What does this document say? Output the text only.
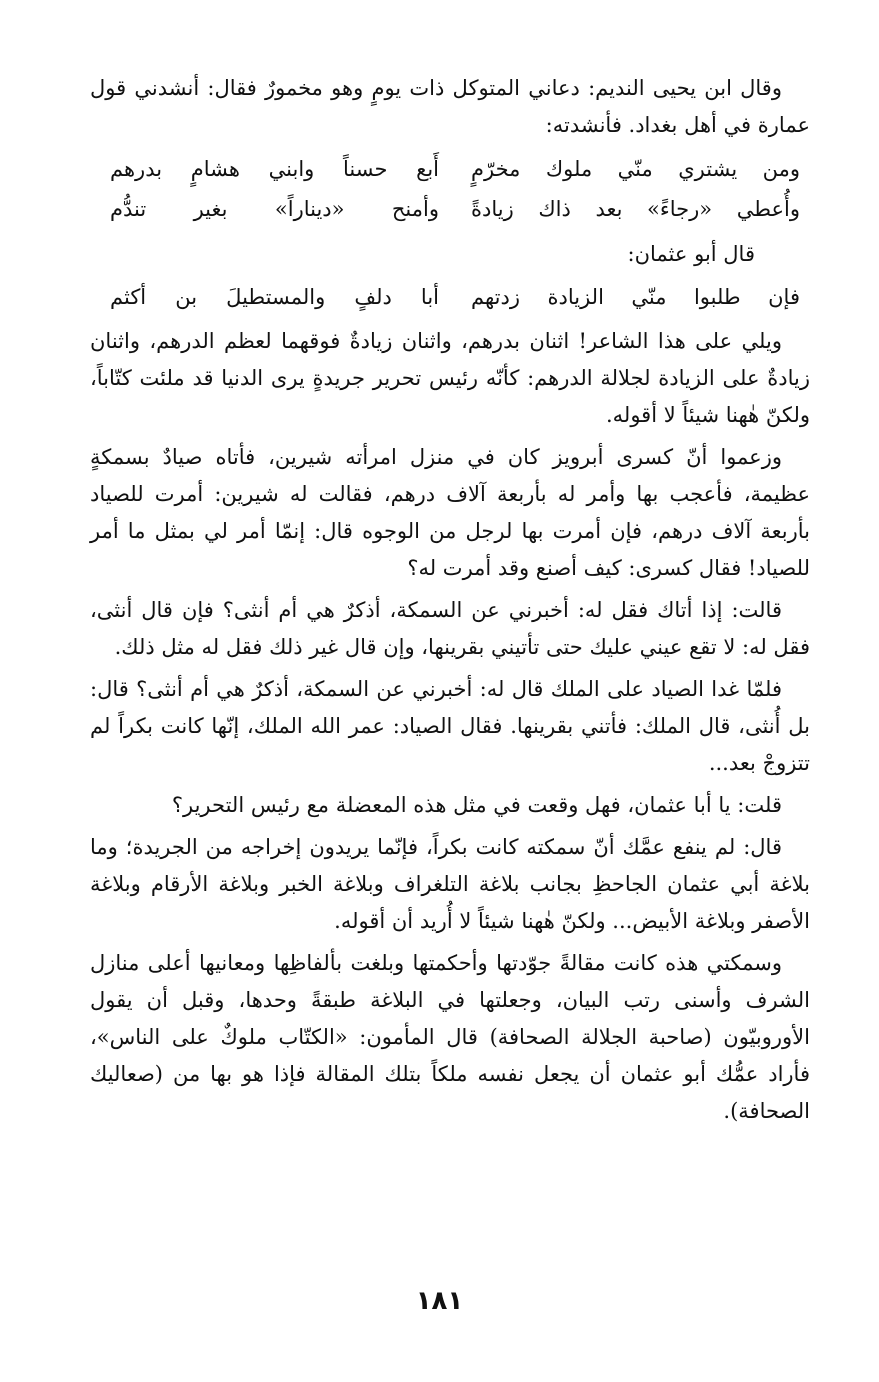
وقال ابن يحيى النديم: دعاني المتوكل ذات يومٍ وهو مخمورٌ فقال: أنشدني قول عمارة في أهل بغداد. فأنشدته:

ومن يشتري منّي ملوك مخرّمٍ
أَبع حسناً وابني هشامٍ بدرهم
وأُعطي «رجاءً» بعد ذاك زيادةً
وأمنح «ديناراً» بغير تندُّم

قال أبو عثمان:

فإن طلبوا منّي الزيادة زدتهم
أبا دلفٍ والمستطيلَ بن أكثم

ويلي على هذا الشاعر! اثنان بدرهم، واثنان زيادةٌ فوقهما لعظم الدرهم، واثنان زيادةٌ على الزيادة لجلالة الدرهم: كأنّه رئيس تحرير جريدةٍ يرى الدنيا قد ملئت كتّاباً، ولكنّ هٰهنا شيئاً لا أقوله.

وزعموا أنّ كسرى أبرويز كان في منزل امرأته شيرين، فأتاه صيادٌ بسمكةٍ عظيمة، فأعجب بها وأمر له بأربعة آلاف درهم، فقالت له شيرين: أمرت للصياد بأربعة آلاف درهم، فإن أمرت بها لرجل من الوجوه قال: إنمّا أمر لي بمثل ما أمر للصياد! فقال كسرى: كيف أصنع وقد أمرت له؟

قالت: إذا أتاك فقل له: أخبرني عن السمكة، أذكرٌ هي أم أنثى؟ فإن قال أنثى، فقل له: لا تقع عيني عليك حتى تأتيني بقرينها، وإن قال غير ذلك فقل له مثل ذلك.

فلمّا غدا الصياد على الملك قال له: أخبرني عن السمكة، أذكرٌ هي أم أنثى؟ قال: بل أُنثى، قال الملك: فأتني بقرينها. فقال الصياد: عمر الله الملك، إنّها كانت بكراً لم تتزوجْ بعد...

قلت: يا أبا عثمان، فهل وقعت في مثل هذه المعضلة مع رئيس التحرير؟

قال: لم ينفع عمَّك أنّ سمكته كانت بكراً، فإنّما يريدون إخراجه من الجريدة؛ وما بلاغة أبي عثمان الجاحظِ بجانب بلاغة التلغراف وبلاغة الخبر وبلاغة الأرقام وبلاغة الأصفر وبلاغة الأبيض... ولكنّ هٰهنا شيئاً لا أُريد أن أقوله.

وسمكتي هذه كانت مقالةً جوّدتها وأحكمتها وبلغت بألفاظِها ومعانيها أعلى منازل الشرف وأسنى رتب البيان، وجعلتها في البلاغة طبقةً وحدها، وقبل أن يقول الأوروبيّون (صاحبة الجلالة الصحافة) قال المأمون: «الكتّاب ملوكٌ على الناس»، فأراد عمُّك أبو عثمان أن يجعل نفسه ملكاً بتلك المقالة فإذا هو بها من (صعاليك الصحافة).

١٨١
